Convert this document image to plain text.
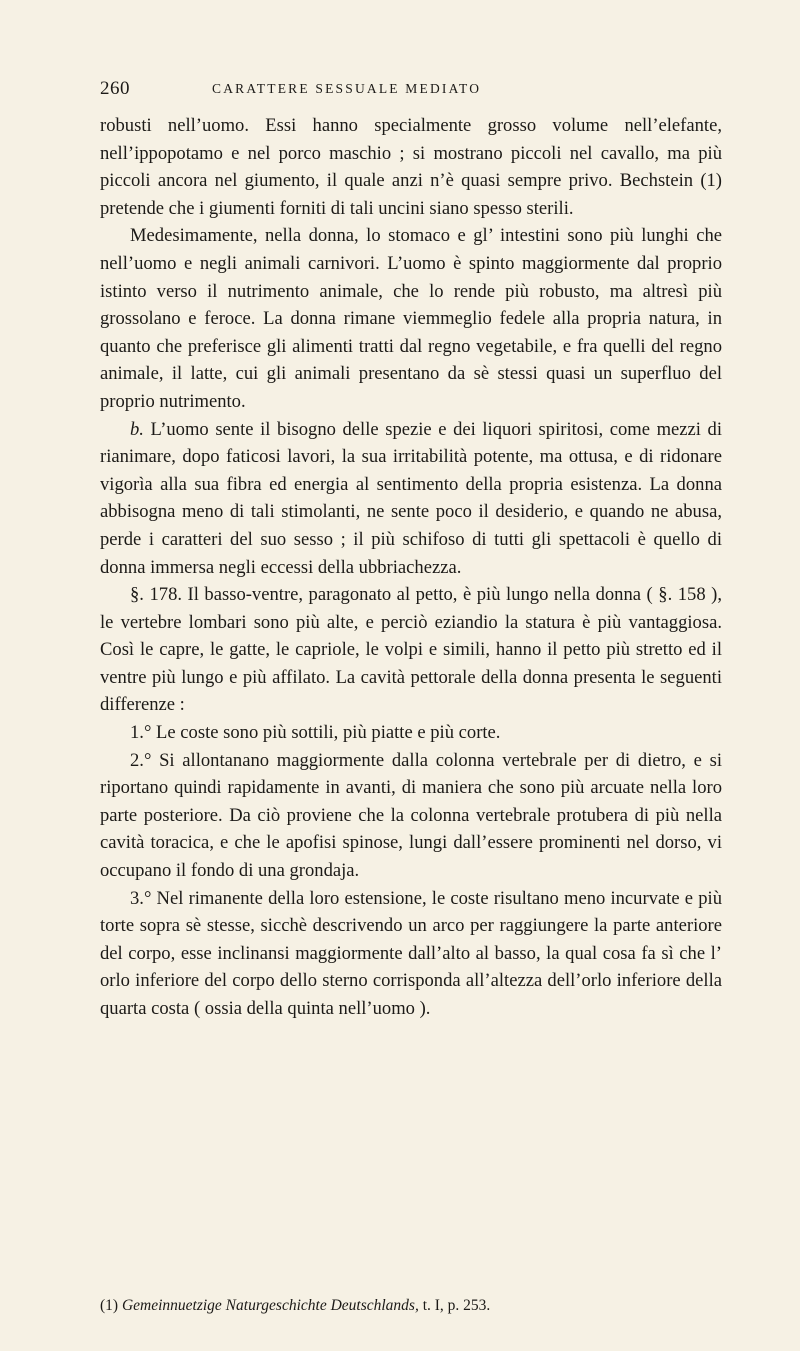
260	CARATTERE SESSUALE MEDIATO

robusti nell’uomo. Essi hanno specialmente grosso volume nell’elefante, nell’ippopotamo e nel porco maschio ; si mostrano piccoli nel cavallo, ma più piccoli ancora nel giumento, il quale anzi n’è quasi sempre privo. Bechstein (1) pretende che i giumenti forniti di tali uncini siano spesso sterili.

Medesimamente, nella donna, lo stomaco e gl’ intestini sono più lunghi che nell’uomo e negli animali carnivori. L’uomo è spinto maggiormente dal proprio istinto verso il nutrimento animale, che lo rende più robusto, ma altresì più grossolano e feroce. La donna rimane viemmeglio fedele alla propria natura, in quanto che preferisce gli alimenti tratti dal regno vegetabile, e fra quelli del regno animale, il latte, cui gli animali presentano da sè stessi quasi un superfluo del proprio nutrimento.

b. L’uomo sente il bisogno delle spezie e dei liquori spiritosi, come mezzi di rianimare, dopo faticosi lavori, la sua irritabilità potente, ma ottusa, e di ridonare vigorìa alla sua fibra ed energia al sentimento della propria esistenza. La donna abbisogna meno di tali stimolanti, ne sente poco il desiderio, e quando ne abusa, perde i caratteri del suo sesso ; il più schifoso di tutti gli spettacoli è quello di donna immersa negli eccessi della ubbriachezza.

§. 178. Il basso-ventre, paragonato al petto, è più lungo nella donna ( §. 158 ), le vertebre lombari sono più alte, e perciò eziandio la statura è più vantaggiosa. Così le capre, le gatte, le capriole, le volpi e simili, hanno il petto più stretto ed il ventre più lungo e più affilato. La cavità pettorale della donna presenta le seguenti differenze :

1.° Le coste sono più sottili, più piatte e più corte.

2.° Si allontanano maggiormente dalla colonna vertebrale per di dietro, e si riportano quindi rapidamente in avanti, di maniera che sono più arcuate nella loro parte posteriore. Da ciò proviene che la colonna vertebrale protubera di più nella cavità toracica, e che le apofisi spinose, lungi dall’essere prominenti nel dorso, vi occupano il fondo di una grondaja.

3.° Nel rimanente della loro estensione, le coste risultano meno incurvate e più torte sopra sè stesse, sicchè descrivendo un arco per raggiungere la parte anteriore del corpo, esse inclinansi maggiormente dall’alto al basso, la qual cosa fa sì che l’ orlo inferiore del corpo dello sterno corrisponda all’altezza dell’orlo inferiore della quarta costa ( ossia della quinta nell’uomo ).

(1) Gemeinnuetzige Naturgeschichte Deutschlands, t. I, p. 253.
